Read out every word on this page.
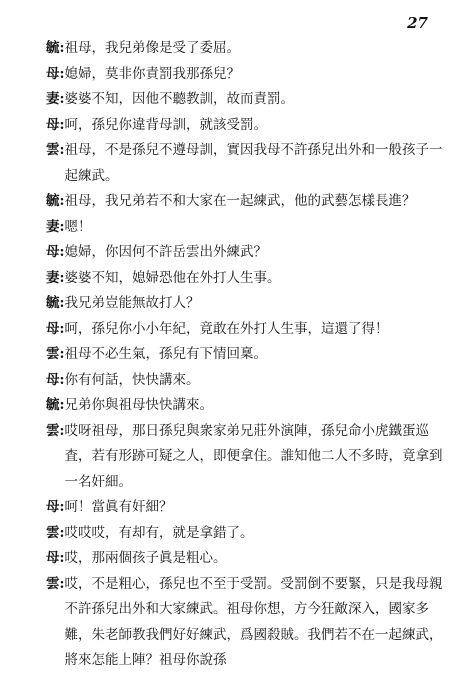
27
毓: 祖母，我兒弟像是受了委屈。
母: 媳婦，莫非你責罰我那孫兒？
妻: 婆婆不知，因他不聽教訓，故而責罰。
母: 呵，孫兒你違背母訓，就該受罰。
雲: 祖母，不是孫兒不遵母訓，實因我母不許孫兒出外和一般孩子一起練武。
毓: 祖母，我兄弟若不和大家在一起練武，他的武藝怎樣長進？
妻: 嗯！
母: 媳婦，你因何不許岳雲出外練武？
妻: 婆婆不知，媳婦恐他在外打人生事。
毓: 我兄弟豈能無故打人？
母: 呵，孫兒你小小年紀，竟敢在外打人生事，這還了得！
雲: 祖母不必生氣，孫兒有下情回稟。
母: 你有何話，快快講來。
毓: 兄弟你與祖母快快講來。
雲: 哎呀祖母，那日孫兒與衆家弟兄莊外演陣，孫兒命小虎鐵蛋巡査，若有形跡可疑之人，即便拿住。誰知他二人不多時，竟拿到一名奸細。
母: 呵！當眞有奸細？
雲: 哎哎哎，有却有，就是拿錯了。
母: 哎，那兩個孩子眞是粗心。
雲: 哎，不是粗心，孫兒也不至于受罰。受罰倒不要緊，只是我母親不許孫兒出外和大家練武。祖母你想，方今狂敵深入，國家多難，朱老師教我們好好練武，爲國殺賊。我們若不在一起練武，將來怎能上陣？祖母你說孫
